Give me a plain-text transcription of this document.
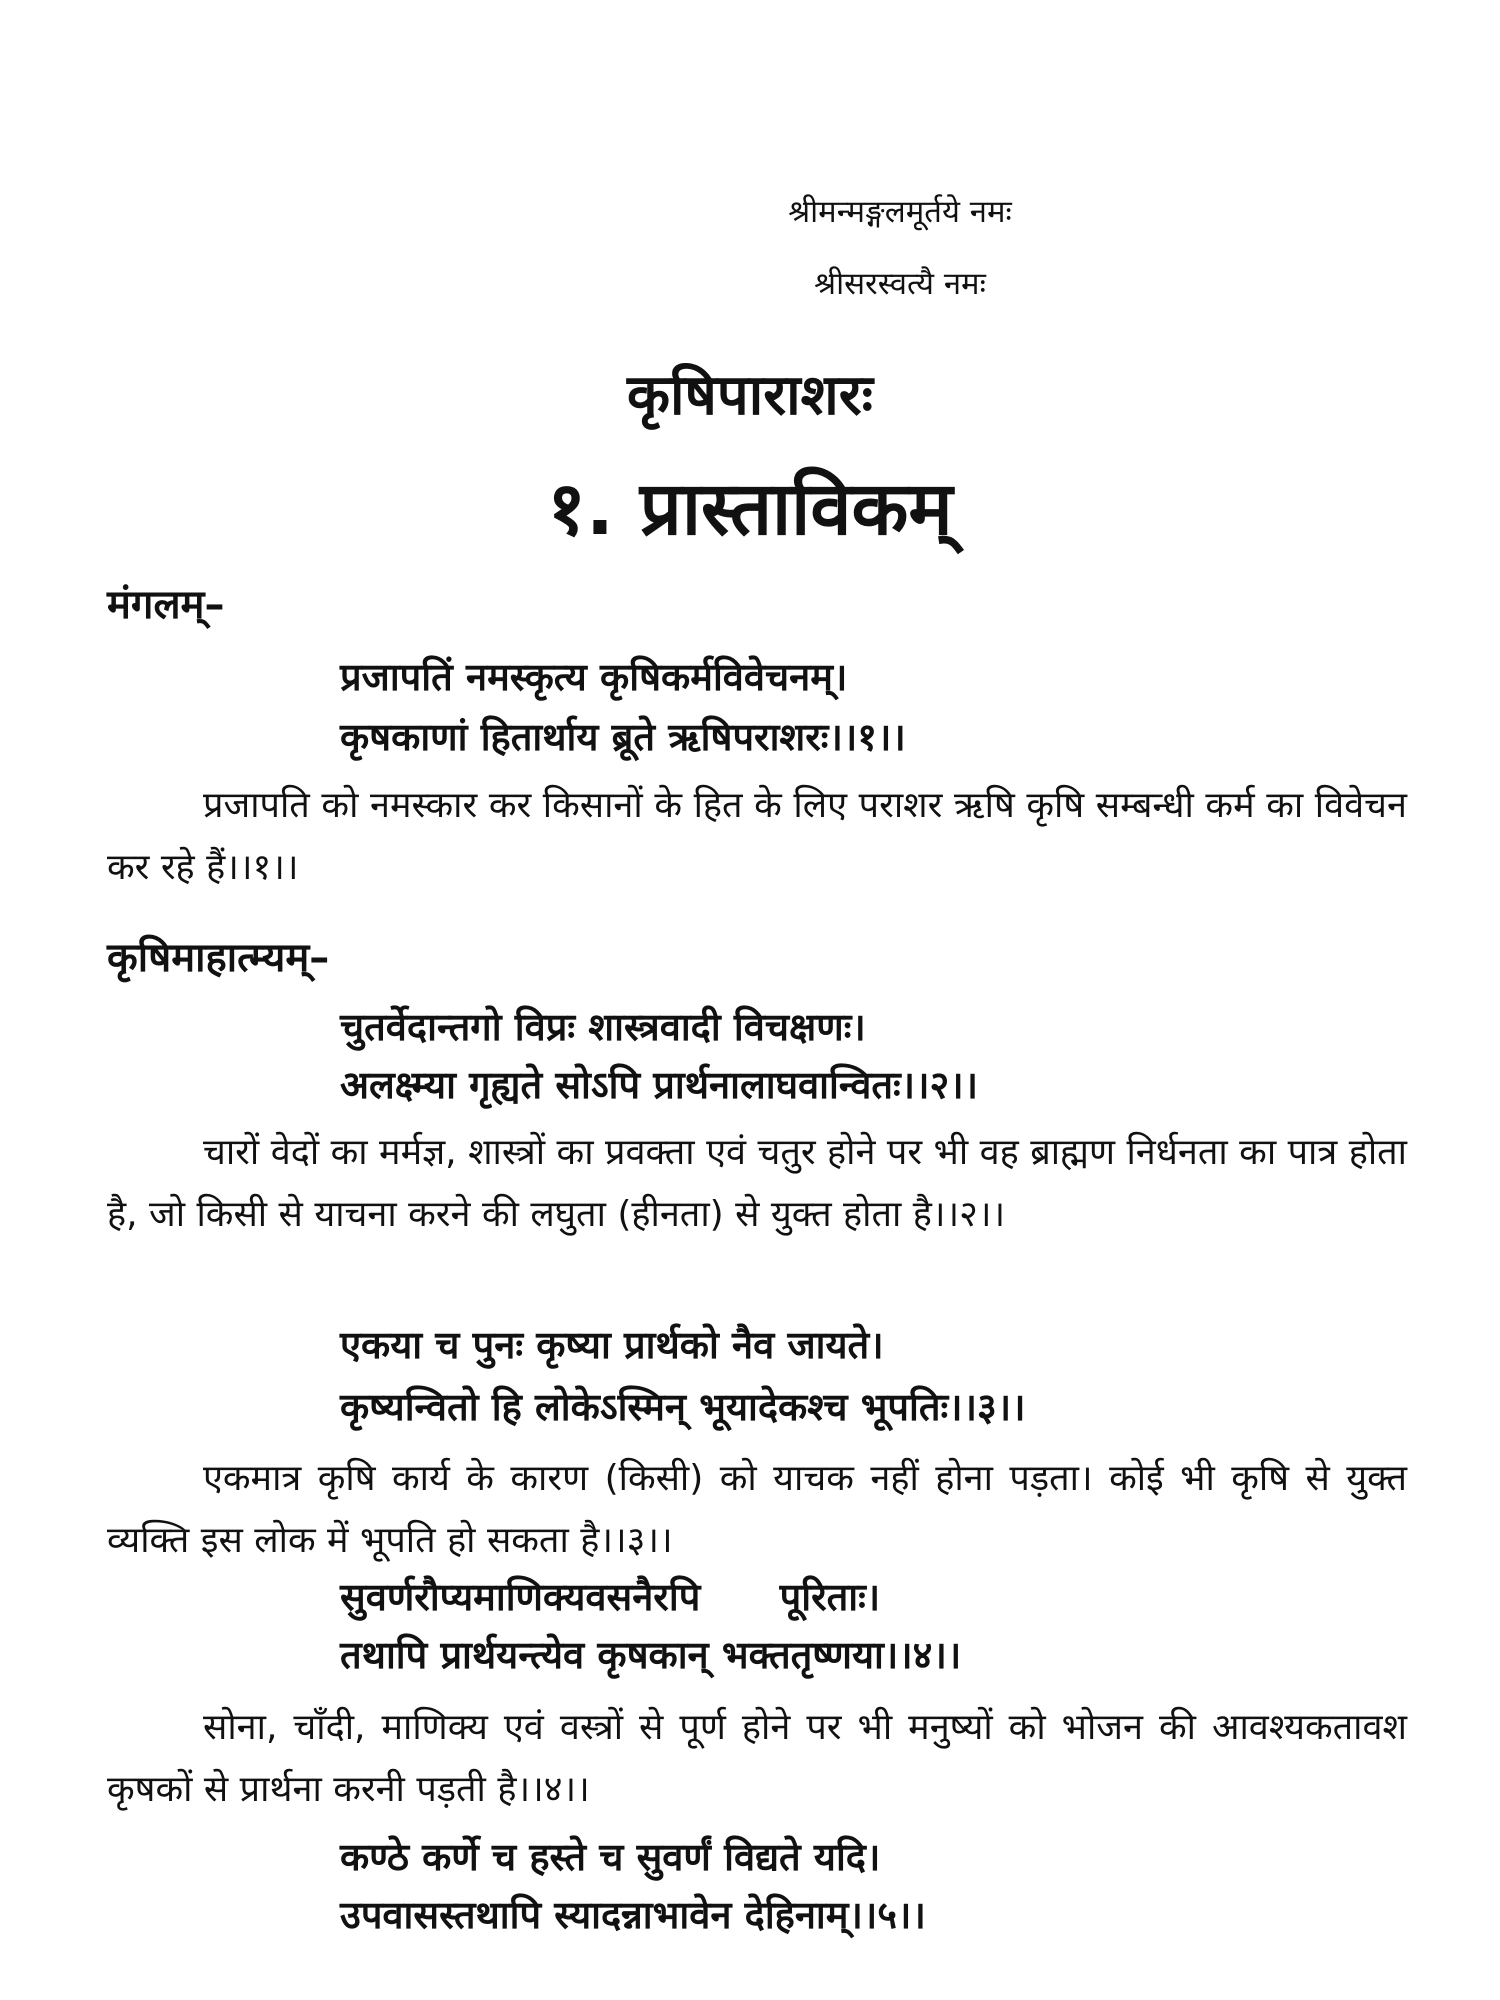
श्रीमन्मङ्गलमूर्तये नमः
श्रीसरस्वत्यै नमः
कृषिपाराशरः
१. प्रास्ताविकम्
मंगलम्–
प्रजापतिं नमस्कृत्य कृषिकर्मविवेचनम्।
कृषकाणां हितार्थाय ब्रूते ऋषिपराशरः।।१।।
प्रजापति को नमस्कार कर किसानों के हित के लिए पराशर ऋषि कृषि सम्बन्धी कर्म का विवेचन कर रहे हैं।।१।।
कृषिमाहात्म्यम्–
चुतर्वेदान्तगो विप्रः शास्त्रवादी विचक्षणः।
अलक्ष्म्या गृह्यते सोऽपि प्रार्थनालाघवान्वितः।।२।।
चारों वेदों का मर्मज्ञ, शास्त्रों का प्रवक्ता एवं चतुर होने पर भी वह ब्राह्मण निर्धनता का पात्र होता है, जो किसी से याचना करने की लघुता (हीनता) से युक्त होता है।।२।।
एकया च पुनः कृष्या प्रार्थको नैव जायते।
कृष्यन्वितो हि लोकेऽस्मिन् भूयादेकश्च भूपतिः।।३।।
एकमात्र कृषि कार्य के कारण (किसी) को याचक नहीं होना पड़ता। कोई भी कृषि से युक्त व्यक्ति इस लोक में भूपति हो सकता है।।३।।
सुवर्णरौप्यमाणिक्यवसनैरपि      पूरिताः।
तथापि प्रार्थयन्त्येव कृषकान् भक्ततृष्णया।।४।।
सोना, चाँदी, माणिक्य एवं वस्त्रों से पूर्ण होने पर भी मनुष्यों को भोजन की आवश्यकतावश कृषकों से प्रार्थना करनी पड़ती है।।४।।
कण्ठे कर्णे च हस्ते च सुवर्णं विद्यते यदि।
उपवासस्तथापि स्यादन्नाभावेन देहिनाम्।।५।।
